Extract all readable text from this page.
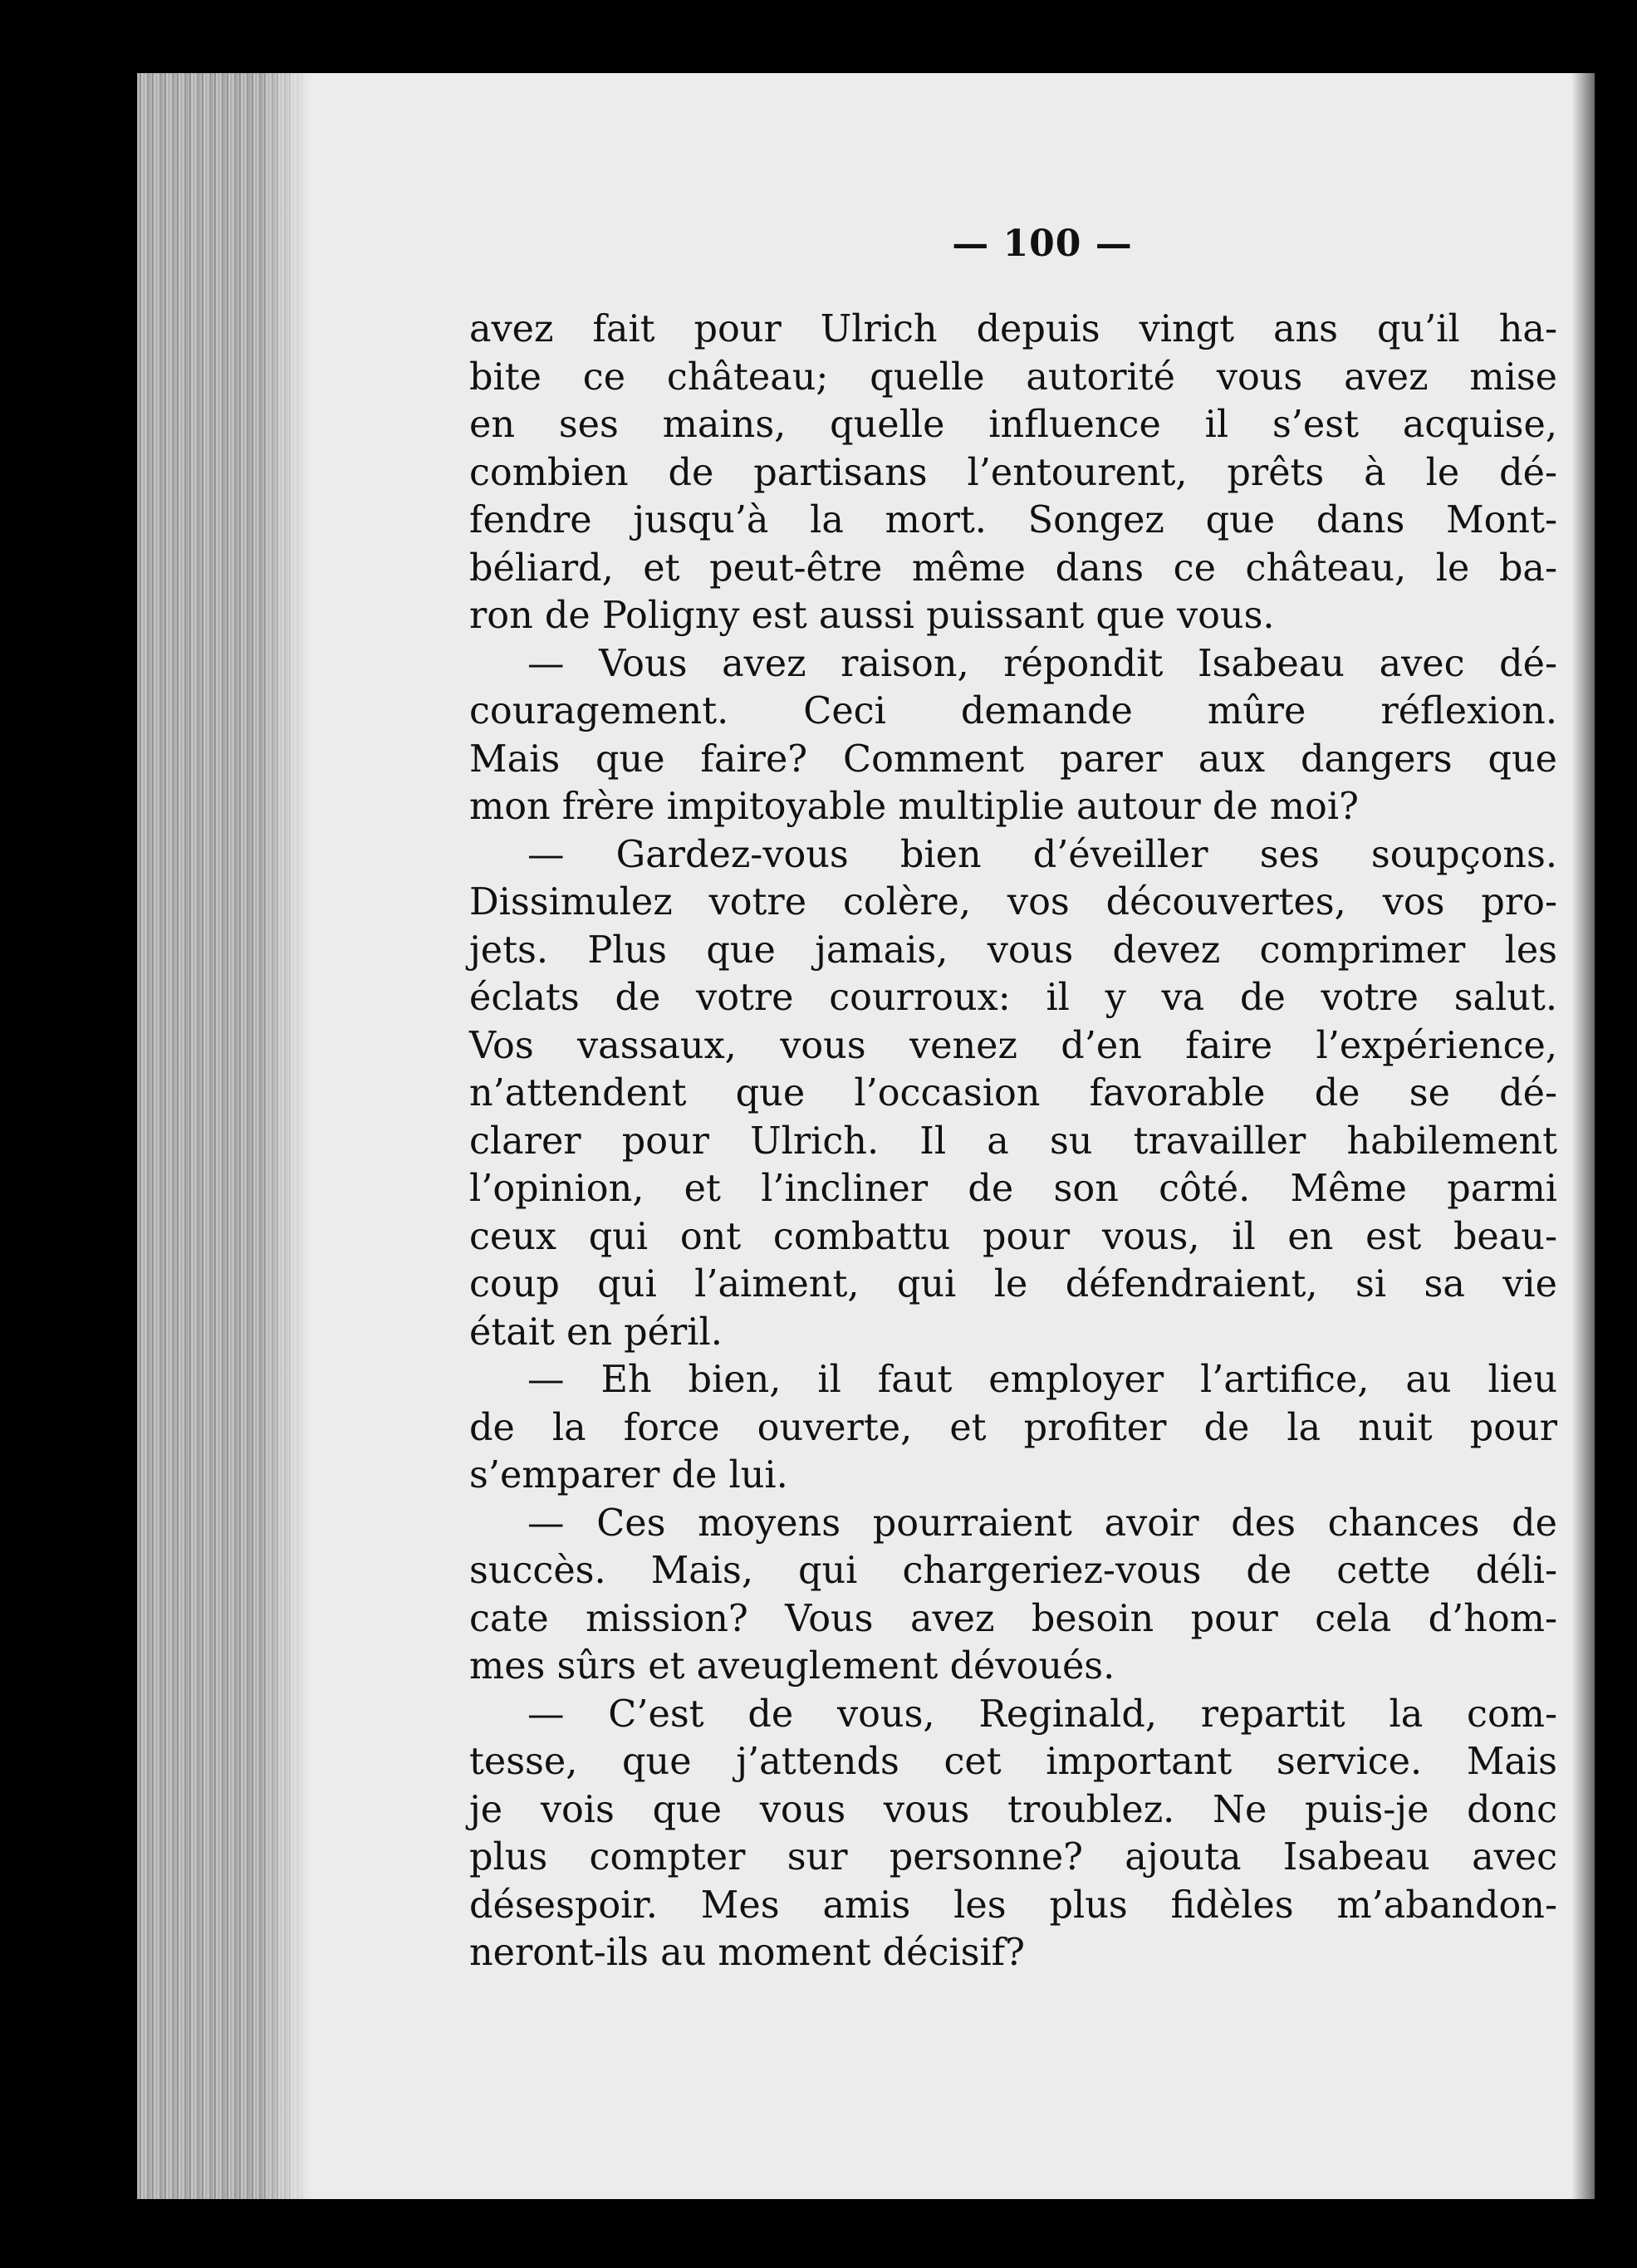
— 100 —
avez fait pour Ulrich depuis vingt ans qu’il ha-
bite ce château; quelle autorité vous avez mise
en ses mains, quelle influence il s’est acquise,
combien de partisans l’entourent, prêts à le dé-
fendre jusqu’à la mort. Songez que dans Mont-
béliard, et peut-être même dans ce château, le ba-
ron de Poligny est aussi puissant que vous.
— Vous avez raison, répondit Isabeau avec dé-
couragement. Ceci demande mûre réflexion.
Mais que faire? Comment parer aux dangers que
mon frère impitoyable multiplie autour de moi?
— Gardez-vous bien d’éveiller ses soupçons.
Dissimulez votre colère, vos découvertes, vos pro-
jets. Plus que jamais, vous devez comprimer les
éclats de votre courroux: il y va de votre salut.
Vos vassaux, vous venez d’en faire l’expérience,
n’attendent que l’occasion favorable de se dé-
clarer pour Ulrich. Il a su travailler habilement
l’opinion, et l’incliner de son côté. Même parmi
ceux qui ont combattu pour vous, il en est beau-
coup qui l’aiment, qui le défendraient, si sa vie
était en péril.
— Eh bien, il faut employer l’artifice, au lieu
de la force ouverte, et profiter de la nuit pour
s’emparer de lui.
— Ces moyens pourraient avoir des chances de
succès. Mais, qui chargeriez-vous de cette déli-
cate mission? Vous avez besoin pour cela d’hom-
mes sûrs et aveuglement dévoués.
— C’est de vous, Reginald, repartit la com-
tesse, que j’attends cet important service. Mais
je vois que vous vous troublez. Ne puis-je donc
plus compter sur personne? ajouta Isabeau avec
désespoir. Mes amis les plus fidèles m’abandon-
neront-ils au moment décisif?
